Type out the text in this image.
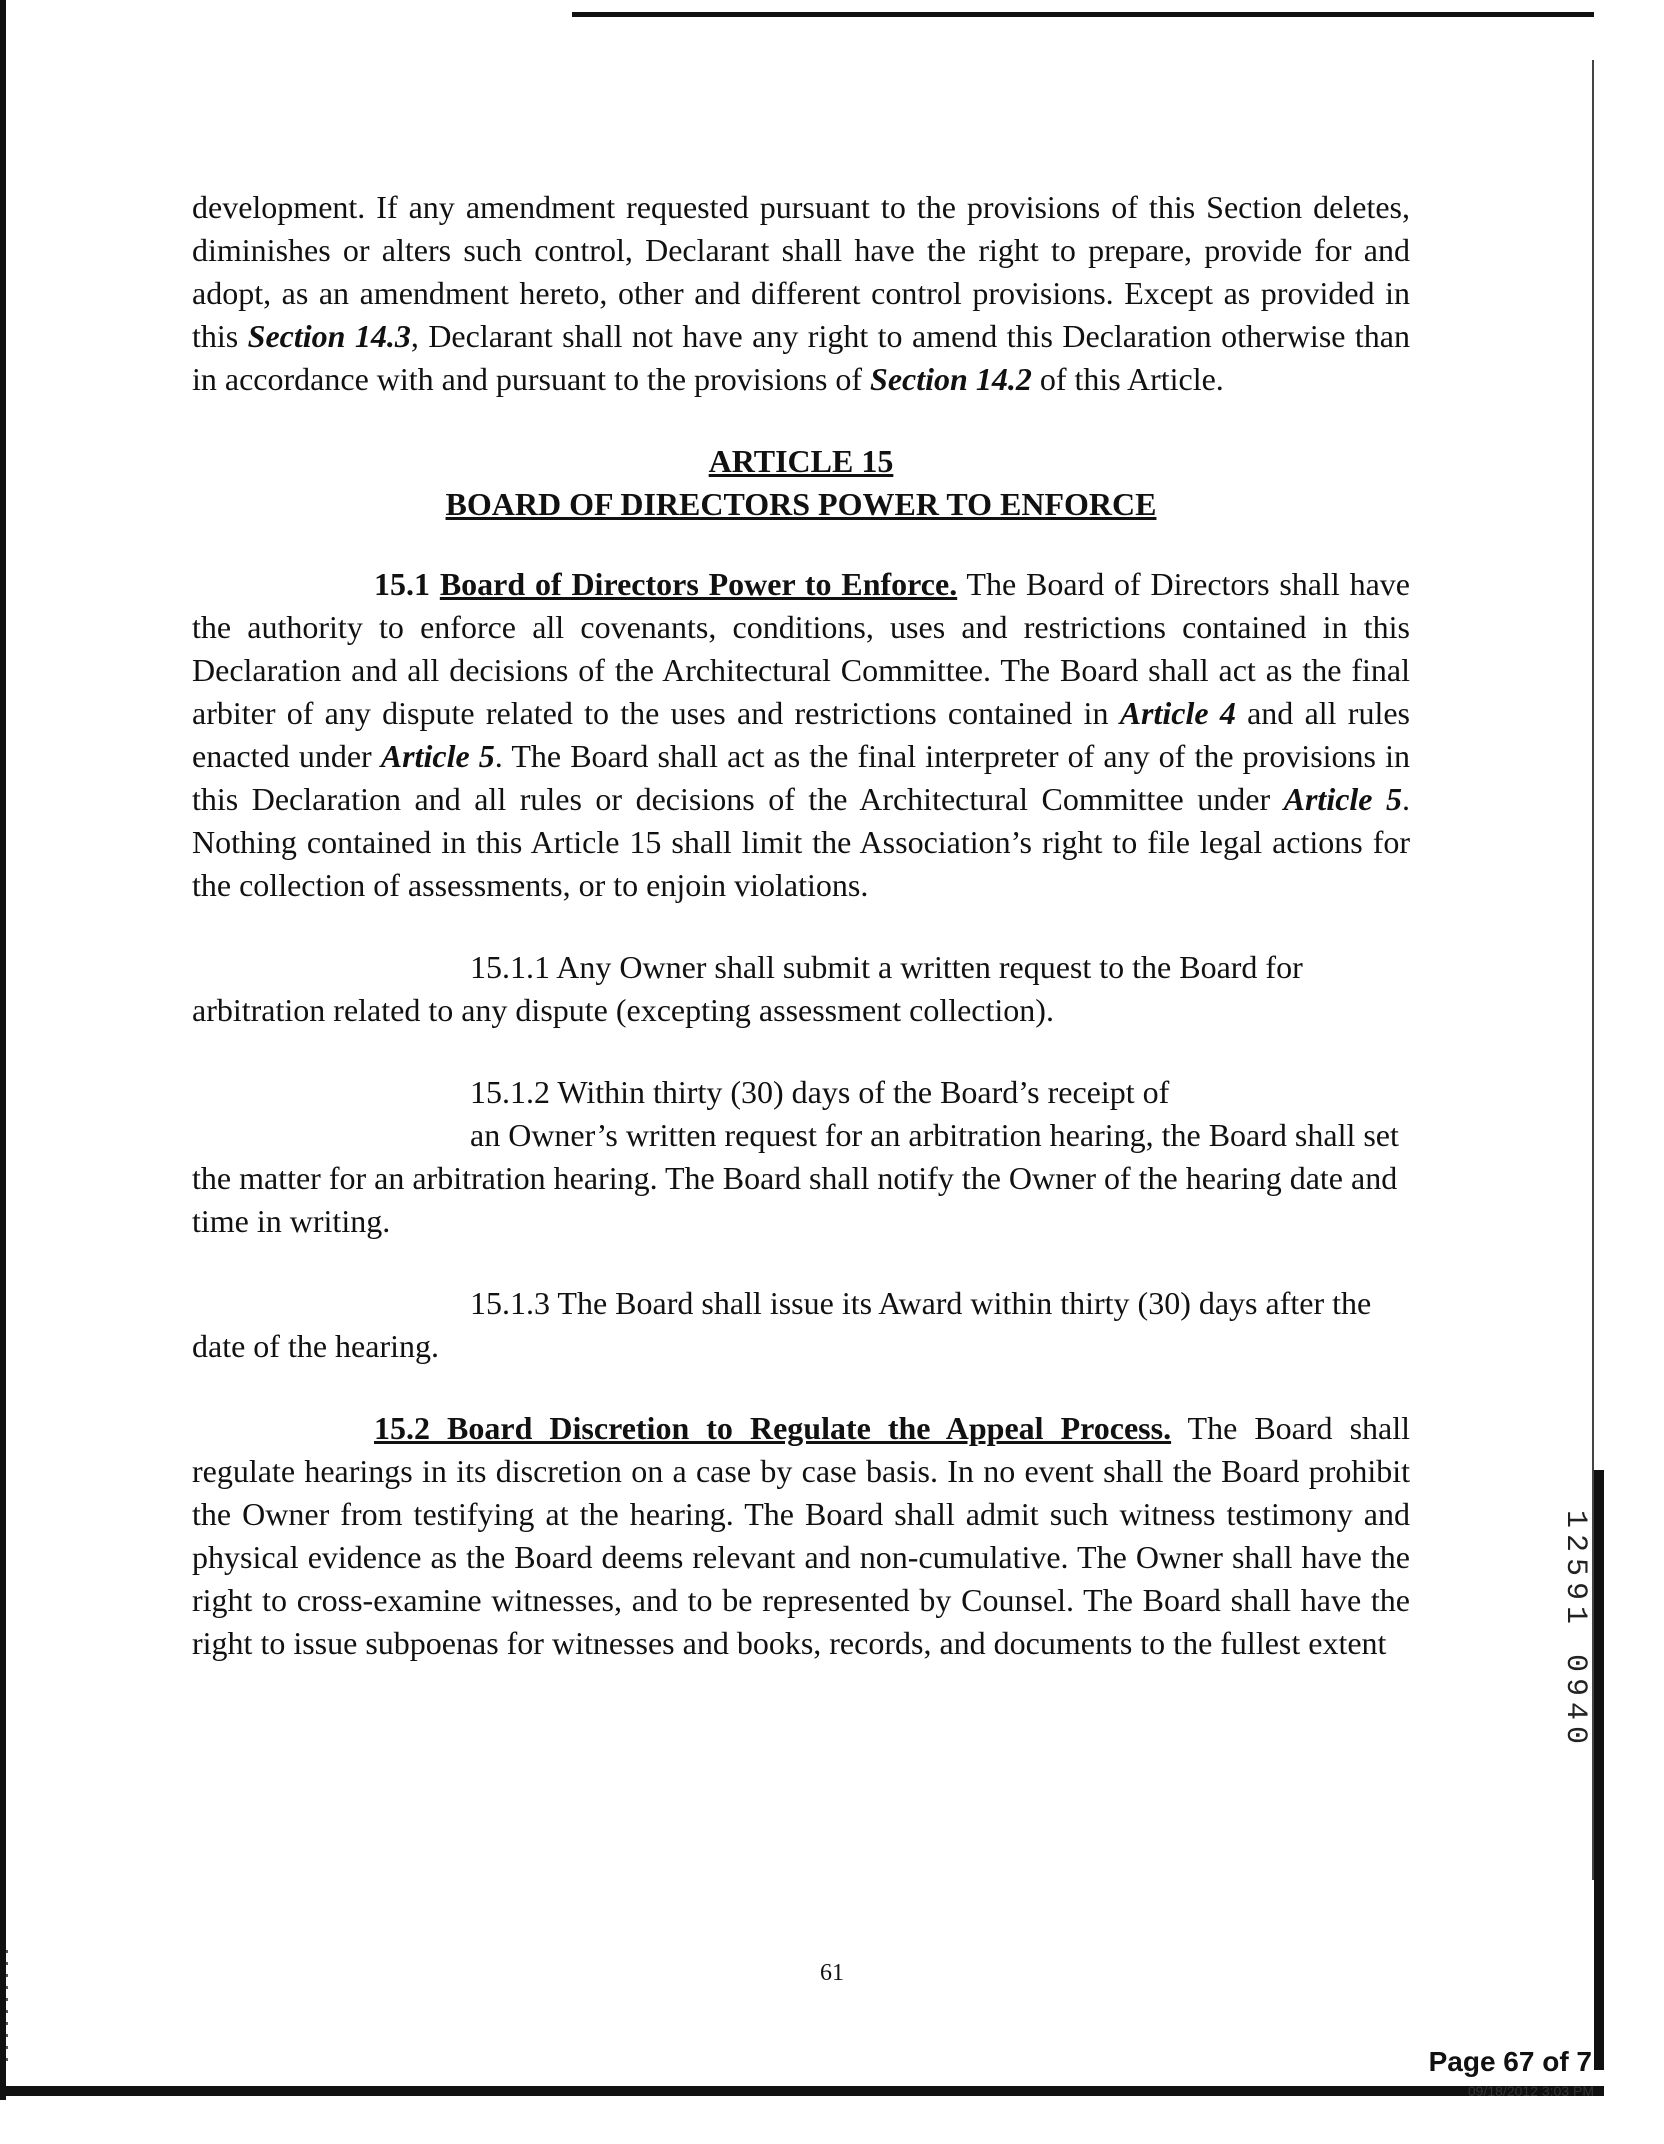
development. If any amendment requested pursuant to the provisions of this Section deletes, diminishes or alters such control, Declarant shall have the right to prepare, provide for and adopt, as an amendment hereto, other and different control provisions. Except as provided in this Section 14.3, Declarant shall not have any right to amend this Declaration otherwise than in accordance with and pursuant to the provisions of Section 14.2 of this Article.

ARTICLE 15

BOARD OF DIRECTORS POWER TO ENFORCE

15.1 Board of Directors Power to Enforce. The Board of Directors shall have the authority to enforce all covenants, conditions, uses and restrictions contained in this Declaration and all decisions of the Architectural Committee. The Board shall act as the final arbiter of any dispute related to the uses and restrictions contained in Article 4 and all rules enacted under Article 5. The Board shall act as the final interpreter of any of the provisions in this Declaration and all rules or decisions of the Architectural Committee under Article 5. Nothing contained in this Article 15 shall limit the Association’s right to file legal actions for the collection of assessments, or to enjoin violations.

15.1.1 Any Owner shall submit a written request to the Board for arbitration related to any dispute (excepting assessment collection).

15.1.2 Within thirty (30) days of the Board’s receipt of

an Owner’s written request for an arbitration hearing, the Board shall set the matter for an arbitration hearing. The Board shall notify the Owner of the hearing date and time in writing.

15.1.3 The Board shall issue its Award within thirty (30) days after the date of the hearing.

15.2 Board Discretion to Regulate the Appeal Process. The Board shall regulate hearings in its discretion on a case by case basis. In no event shall the Board prohibit the Owner from testifying at the hearing. The Board shall admit such witness testimony and physical evidence as the Board deems relevant and non-cumulative. The Owner shall have the right to cross-examine witnesses, and to be represented by Counsel. The Board shall have the right to issue subpoenas for witnesses and books, records, and documents to the fullest extent

61
12591 0940
Page 67 of 7
09/18/2012 3:03 PM
